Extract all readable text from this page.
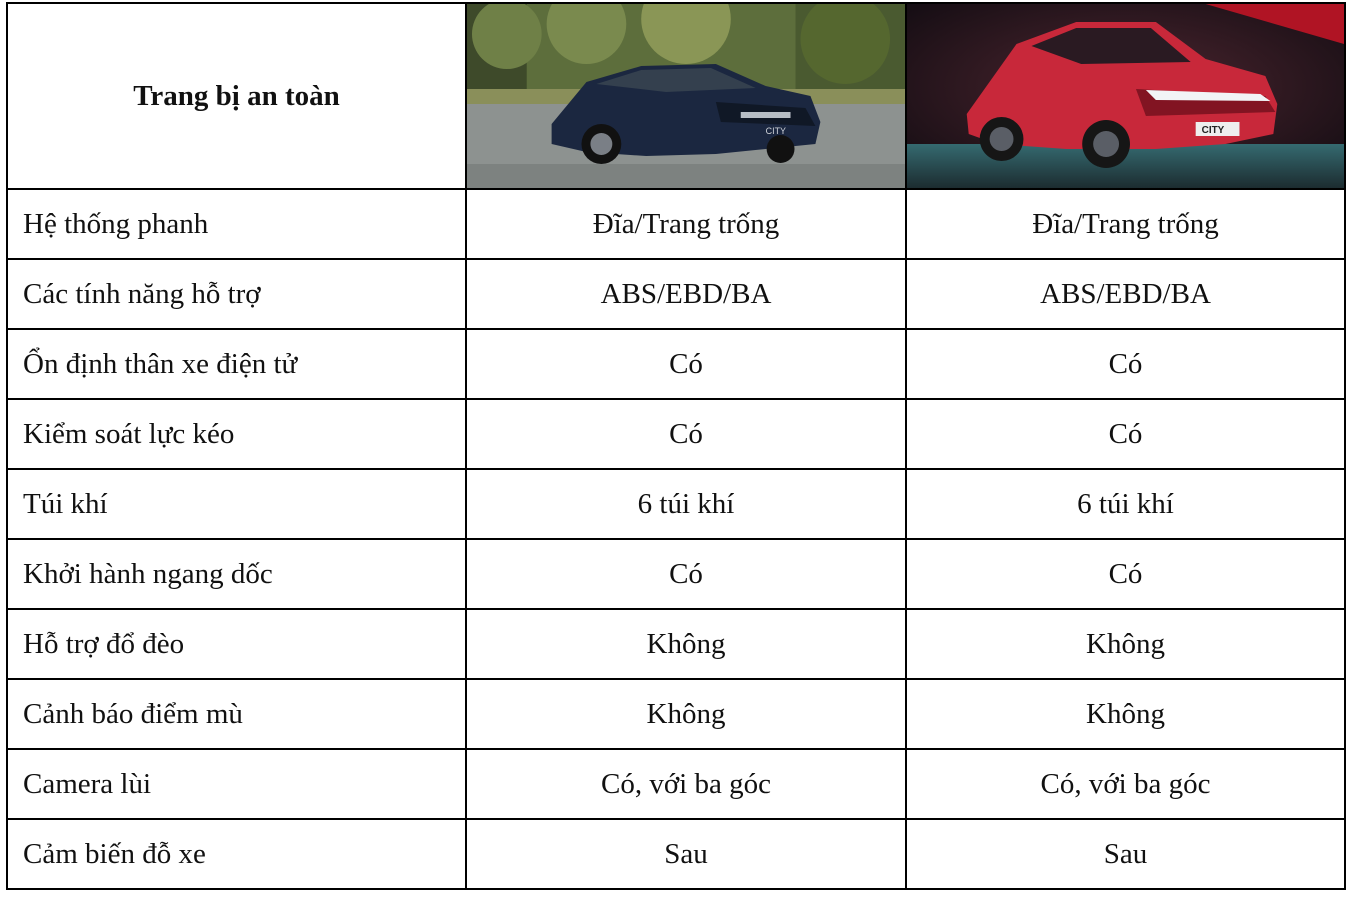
Trang bị an toàn	CITY	CITY

Hệ thống phanh	Đĩa/Trang trống	Đĩa/Trang trống
Các tính năng hỗ trợ	ABS/EBD/BA	ABS/EBD/BA
Ổn định thân xe điện tử	Có	Có
Kiểm soát lực kéo	Có	Có
Túi khí	6 túi khí	6 túi khí
Khởi hành ngang dốc	Có	Có
Hỗ trợ đổ đèo	Không	Không
Cảnh báo điểm mù	Không	Không
Camera lùi	Có, với ba góc	Có, với ba góc
Cảm biến đỗ xe	Sau	Sau
